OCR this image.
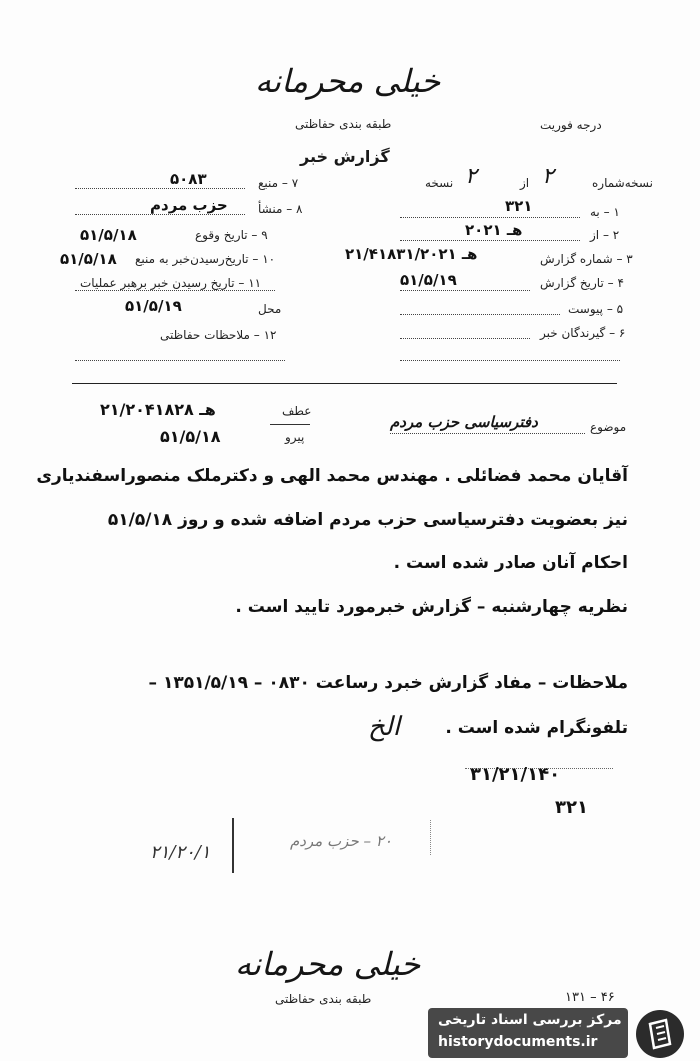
خیلی محرمانه
طبقه بندی حفاظتی	درجه فوریت
گزارش خبر
نسخه‌شماره
۲
از
۲
نسخه
۱ – به
۳۲۱
۲ – از
۲۰هـ ۲۱
۳ – شماره گزارش
۲۱/۴۱۸۳۱/۲۰هـ ۲۱
۴ – تاریخ گزارش
۵۱/۵/۱۹
۵ – پیوست
۶ – گیرندگان خبر
۷ – منبع
۵۰۸۳
۸ – منشأ
حزب مردم
۹ – تاریخ وقوع
۵۱/۵/۱۸
۱۰ – تاریخ‌رسیدن‌خبر به منبع
۵۱/۵/۱۸
۱۱ – تاریخ رسیدن خبر برهبر عملیات
محل
۵۱/۵/۱۹
۱۲ – ملاحظات حفاظتی
موضوع
دفترسیاسی حزب مردم
عطف
۲۱/۲۰هـ ۴۱۸۲۸
پیرو
۵۱/۵/۱۸
آقایان محمد فضائلی . مهندس محمد الهی و دکترملک منصوراسفندیاری
نیز بعضویت دفترسیاسی حزب مردم اضافه شده و روز ۵۱/۵/۱۸
احکام آنان صادر شده است .
نظریه چهارشنبه – گزارش خبرمورد تایید است .
ملاحظات – مفاد گزارش خبرد رساعت ۰۸۳۰ – ۱۳۵۱/۵/۱۹ –
تلفونگرام شده است .
الخ
۳۱/۲۱/۱۴۰
۳۲۱
۲۱/۲۰/۱
۲۰ – حزب مردم
خیلی محرمانه
طبقه بندی حفاظتی	۱۳۱ – ۴۶
مرکز بررسی اسناد تاریخی
historydocuments.ir
